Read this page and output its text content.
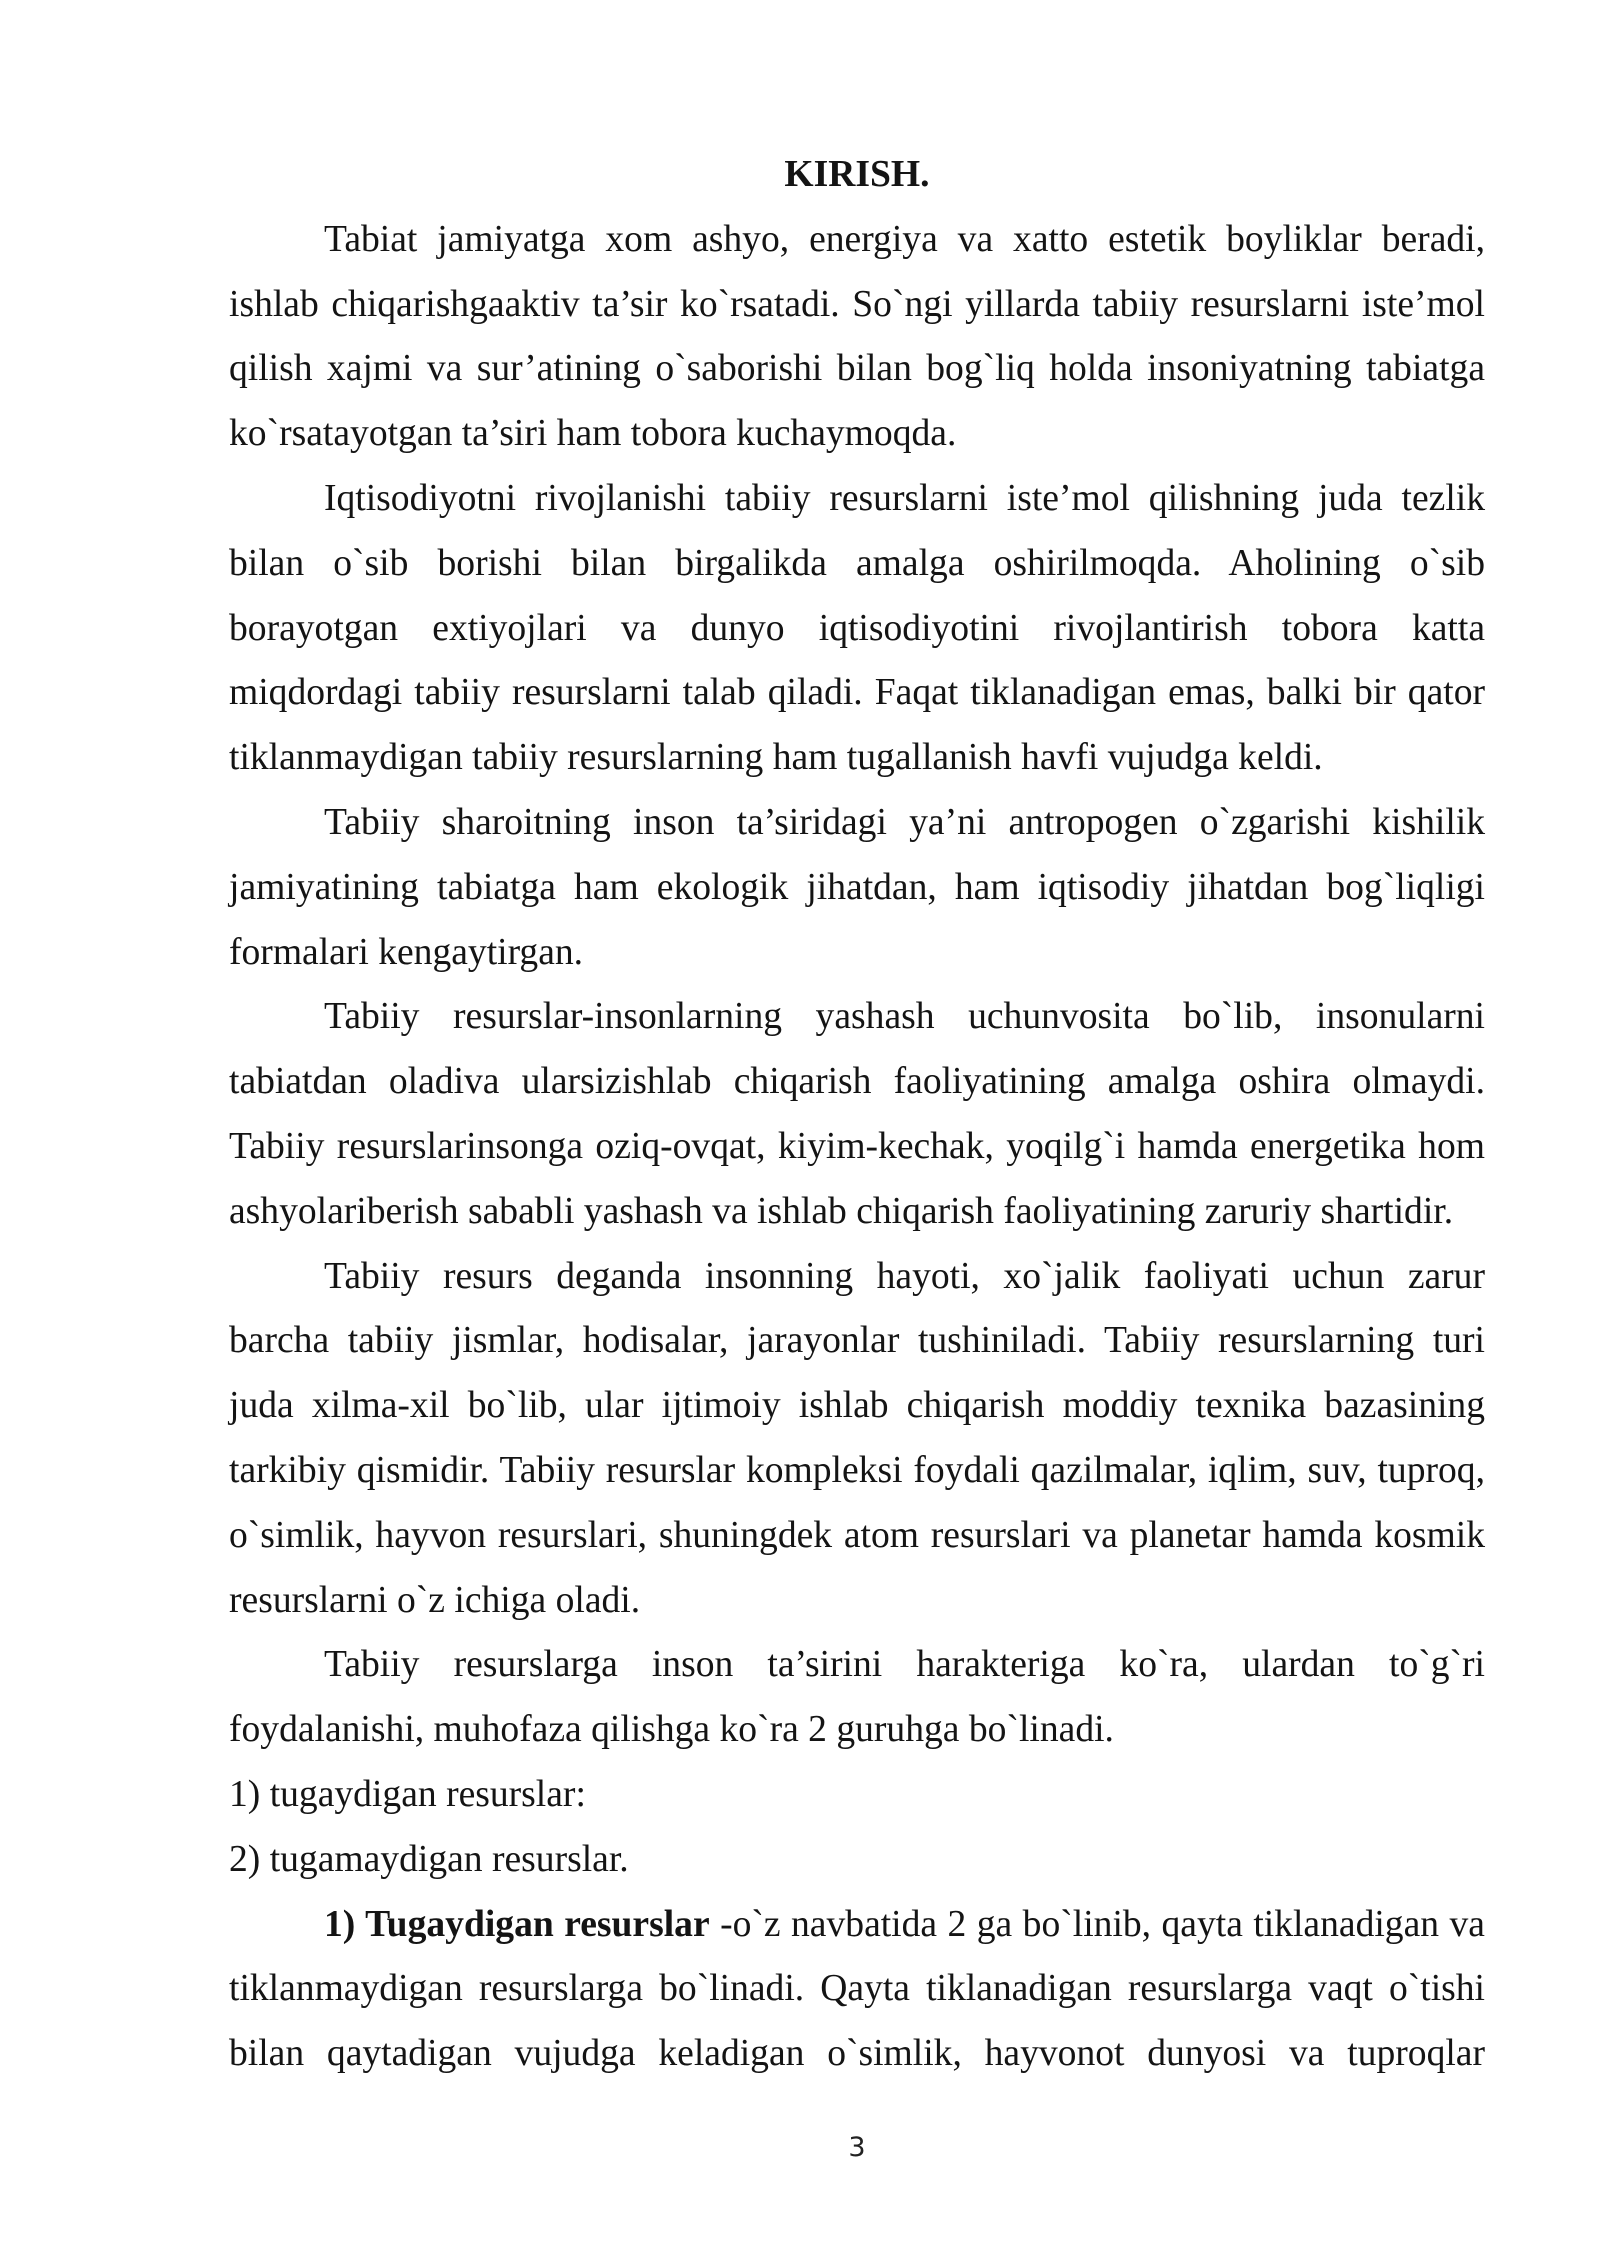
KIRISH.
Tabiat jamiyatga xom ashyo, energiya va xatto estetik boyliklar beradi,
ishlab chiqarishgaaktiv ta’sir ko`rsatadi. So`ngi yillarda tabiiy resurslarni iste’mol
qilish xajmi va sur’atining o`saborishi bilan bog`liq holda insoniyatning tabiatga
ko`rsatayotgan ta’siri ham tobora kuchaymoqda.
Iqtisodiyotni rivojlanishi tabiiy resurslarni iste’mol qilishning juda tezlik
bilan o`sib borishi bilan birgalikda amalga oshirilmoqda. Aholining o`sib
borayotgan extiyojlari va dunyo iqtisodiyotini rivojlantirish tobora katta
miqdordagi tabiiy resurslarni talab qiladi. Faqat tiklanadigan emas, balki bir qator
tiklanmaydigan tabiiy resurslarning ham tugallanish havfi vujudga keldi.
Tabiiy sharoitning inson ta’siridagi ya’ni antropogen o`zgarishi kishilik
jamiyatining tabiatga ham ekologik jihatdan, ham iqtisodiy jihatdan bog`liqligi
formalari kengaytirgan.
Tabiiy resurslar-insonlarning yashash uchunvosita bo`lib, insonularni
tabiatdan oladiva ularsizishlab chiqarish faoliyatining amalga oshira olmaydi.
Tabiiy resurslarinsonga oziq-ovqat, kiyim-kechak, yoqilg`i hamda energetika hom
ashyolariberish sababli yashash va ishlab chiqarish faoliyatining zaruriy shartidir.
Tabiiy resurs deganda insonning hayoti, xo`jalik faoliyati uchun zarur
barcha tabiiy jismlar, hodisalar, jarayonlar tushiniladi. Tabiiy resurslarning turi
juda xilma-xil bo`lib, ular ijtimoiy ishlab chiqarish moddiy texnika bazasining
tarkibiy qismidir. Tabiiy resurslar kompleksi foydali qazilmalar, iqlim, suv, tuproq,
o`simlik, hayvon resurslari, shuningdek atom resurslari va planetar hamda kosmik
resurslarni o`z ichiga oladi.
Tabiiy resurslarga inson ta’sirini harakteriga ko`ra, ulardan to`g`ri
foydalanishi, muhofaza qilishga ko`ra 2 guruhga bo`linadi.
1) tugaydigan resurslar:
2) tugamaydigan resurslar.
1) Tugaydigan resurslar -o`z navbatida 2 ga bo`linib, qayta tiklanadigan va
tiklanmaydigan resurslarga bo`linadi. Qayta tiklanadigan resurslarga vaqt o`tishi
bilan qaytadigan vujudga keladigan o`simlik, hayvonot dunyosi va tuproqlar
3
